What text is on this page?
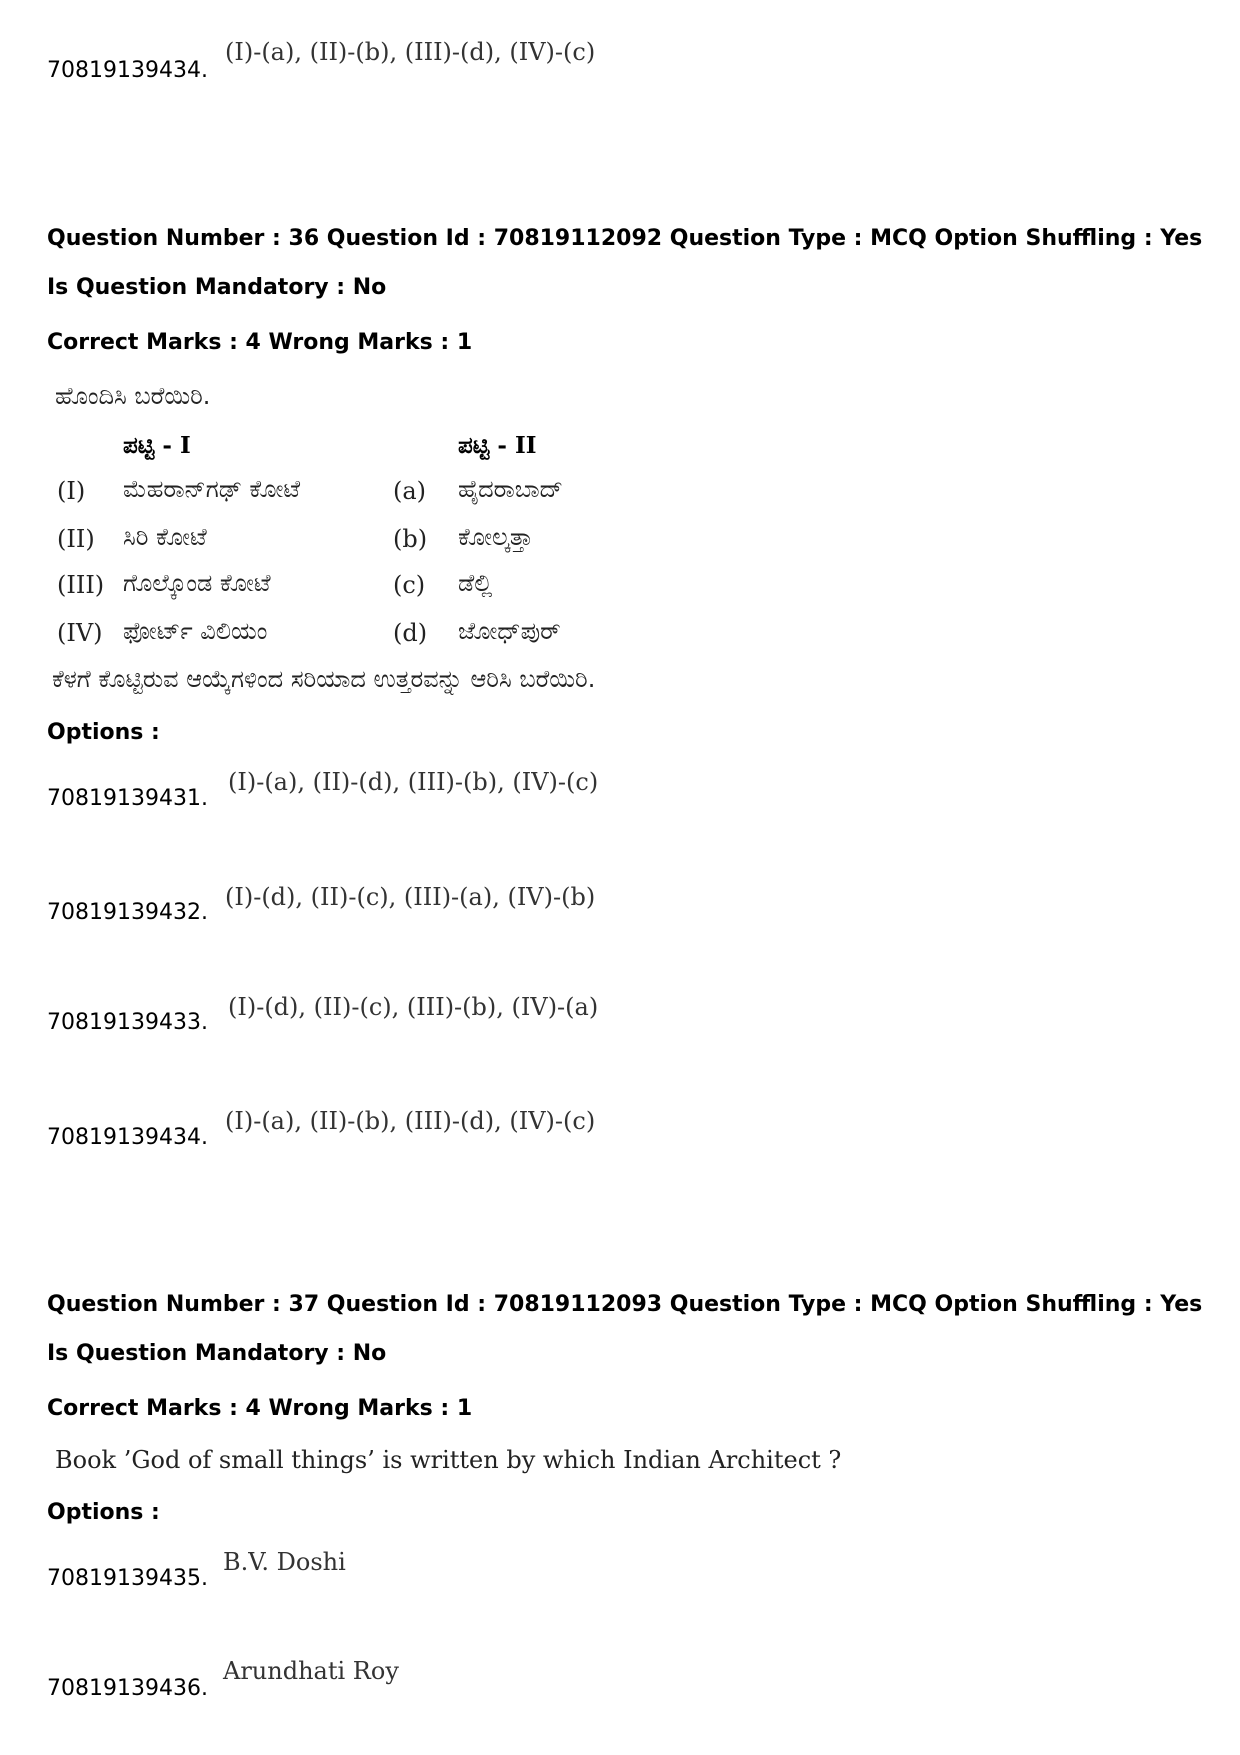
70819139434.
(I)-(a), (II)-(b), (III)-(d), (IV)-(c)
Question Number : 36 Question Id : 70819112092 Question Type : MCQ Option Shuffling : Yes
Is Question Mandatory : No
Correct Marks : 4 Wrong Marks : 1
ಹೊಂದಿಸಿ ಬರೆಯಿರಿ.
ಪಟ್ಟಿ - I	ಪಟ್ಟಿ - II
(I) ಮೆಹರಾನ್‌ಗಢ್ ಕೋಟೆ	(a) ಹೈದರಾಬಾದ್
(II) ಸಿರಿ ಕೋಟೆ	(b) ಕೋಲ್ಕತ್ತಾ
(III) ಗೊಲ್ಕೊಂಡ ಕೋಟೆ	(c) ಡೆಲ್ಲಿ
(IV) ಫೋರ್ಟ್ ವಿಲಿಯಂ	(d) ಜೋಧ್‌ಪುರ್
ಕೆಳಗೆ ಕೊಟ್ಟಿರುವ ಆಯ್ಕೆಗಳಿಂದ ಸರಿಯಾದ ಉತ್ತರವನ್ನು ಆರಿಸಿ ಬರೆಯಿರಿ.
Options :
70819139431.
(I)-(a), (II)-(d), (III)-(b), (IV)-(c)
70819139432.
(I)-(d), (II)-(c), (III)-(a), (IV)-(b)
70819139433.
(I)-(d), (II)-(c), (III)-(b), (IV)-(a)
70819139434.
(I)-(a), (II)-(b), (III)-(d), (IV)-(c)
Question Number : 37 Question Id : 70819112093 Question Type : MCQ Option Shuffling : Yes
Is Question Mandatory : No
Correct Marks : 4 Wrong Marks : 1
Book ’God of small things’ is written by which Indian Architect ?
Options :
70819139435.
B.V. Doshi
70819139436.
Arundhati Roy
